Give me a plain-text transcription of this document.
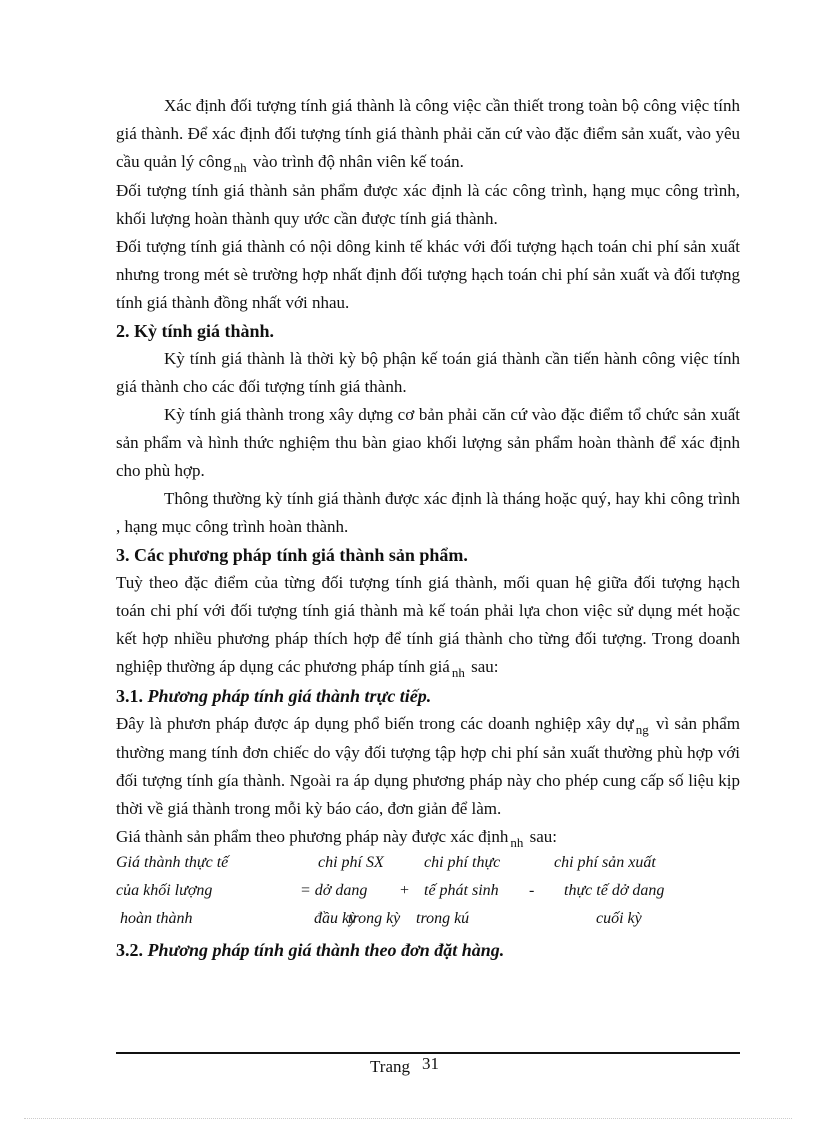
Xác định đối tượng tính giá thành là công việc cần thiết trong toàn bộ công việc tính giá thành. Để xác định đối tượng tính giá thành phải căn cứ vào đặc điểm sản xuất, vào yêu cầu quản lý công $_{nh}$ vào trình độ nhân viên kế toán.

Đối tượng tính giá thành sản phẩm được xác định là các công trình, hạng mục công trình, khối lượng hoàn thành quy ước cần được tính giá thành.

Đối tượng tính giá thành có nội dông kinh tế khác với đối tượng hạch toán chi phí sản xuất nhưng trong mét sè trường hợp nhất định đối tượng hạch toán chi phí sản xuất và đối tượng tính giá thành đồng nhất với nhau.

2. Kỳ tính giá thành.

Kỳ tính giá thành là thời kỳ bộ phận kế toán giá thành cần tiến hành công việc tính giá thành cho các đối tượng tính giá thành.

Kỳ tính giá thành trong xây dựng cơ bản phải căn cứ vào đặc điểm tổ chức sản xuất sản phẩm và hình thức nghiệm thu bàn giao khối lượng sản phẩm hoàn thành để xác định cho phù hợp.

Thông thường kỳ tính giá thành được xác định là tháng hoặc quý, hay khi công trình , hạng mục công trình hoàn thành.

3. Các phương pháp tính giá thành sản phẩm.

Tuỳ theo đặc điểm của từng đối tượng tính giá thành, mối quan hệ giữa đối tượng hạch toán chi phí với đối tượng tính giá thành mà kế toán phải lựa chon việc sử dụng mét hoặc kết hợp nhiều phương pháp thích hợp để tính giá thành cho từng đối tượng. Trong doanh nghiệp thường áp dụng các phương pháp tính giá $_{nh}$ sau:

3.1. Phương pháp tính giá thành trực tiếp.

Đây là phươn pháp được áp dụng phổ biến trong các doanh nghiệp xây dự $_{ng}$ vì sản phẩm thường mang tính đơn chiếc do vậy đối tượng tập hợp chi phí sản xuất thường phù hợp với đối tượng tính gía thành. Ngoài ra áp dụng phương pháp này cho phép cung cấp số liệu kịp thời về giá thành trong mỗi kỳ báo cáo, đơn giản để làm.

Giá thành sản phẩm theo phương pháp này được xác định $_{nh}$ sau:

Giá thành thực tế	chi phí SX	chi phí thực	chi phí sản xuất
của khối lượng	= dở dang + tế phát sinh - thực tế dở dang
hoàn thành	đầu kỳ
trong kỳ trong kú	cuối kỳ
3.2. Phương pháp tính giá thành theo đơn đặt hàng.
Trang 31
